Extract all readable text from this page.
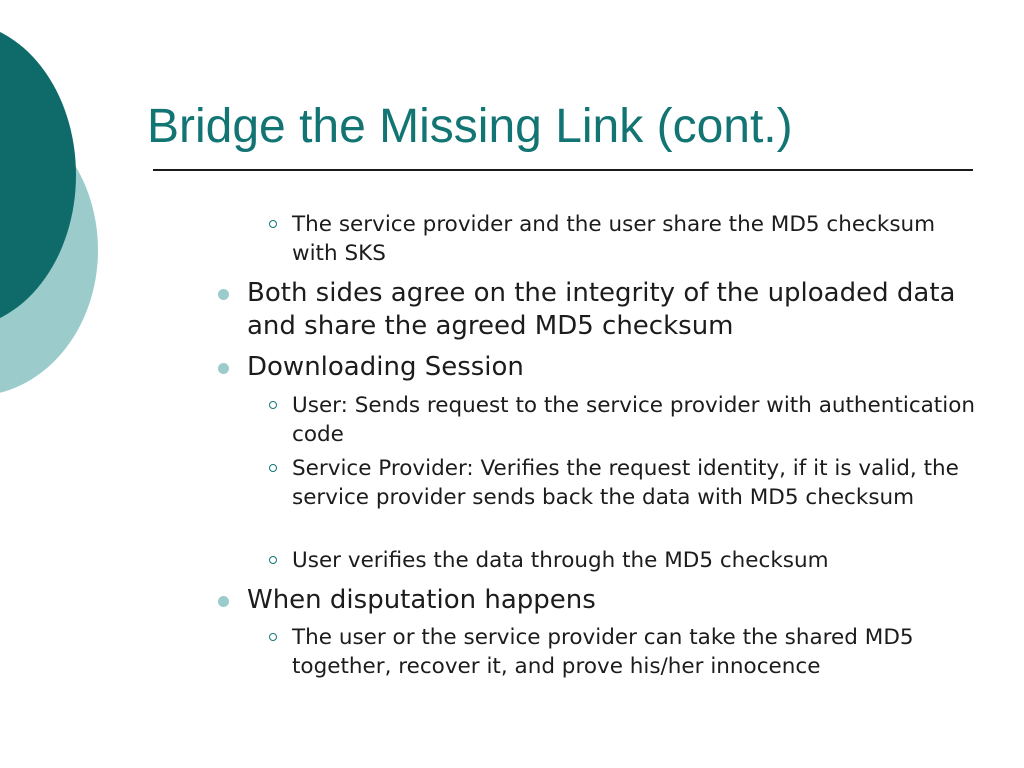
Bridge the Missing Link (cont.)
The service provider and the user share the MD5 checksum with SKS
Both sides agree on the integrity of the uploaded data and share the agreed MD5 checksum
Downloading Session
User: Sends request to the service provider with authentication code
Service Provider: Verifies the request identity, if it is valid, the service provider sends back the data with MD5 checksum
User verifies the data through the MD5 checksum
When disputation happens
The user or the service provider can take the shared MD5 together, recover it, and prove his/her innocence
